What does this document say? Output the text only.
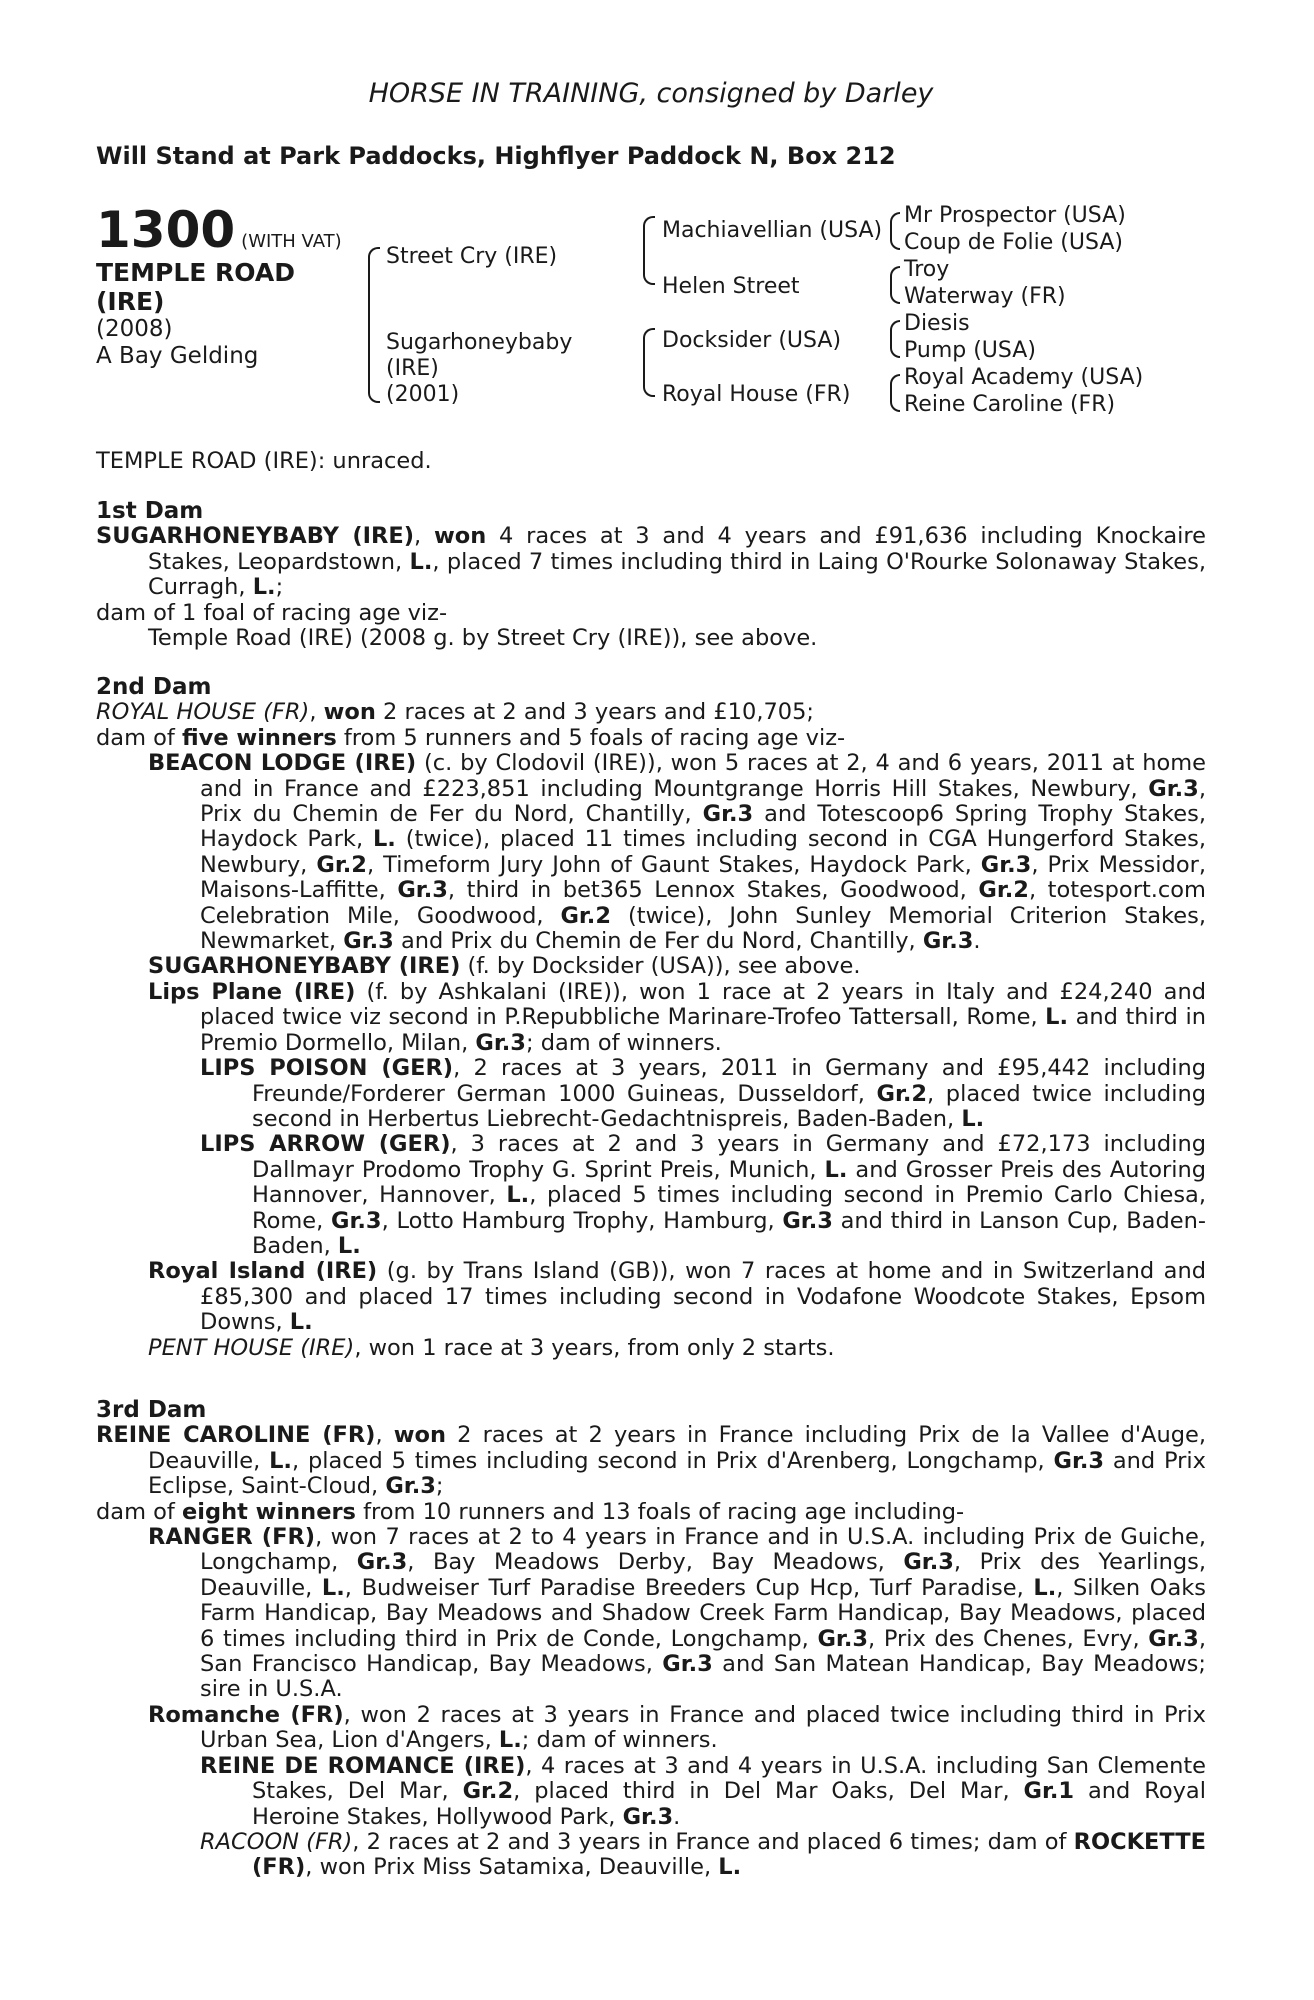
HORSE IN TRAINING, consigned by Darley
Will Stand at Park Paddocks, Highflyer Paddock N, Box 212
1300 (WITH VAT)
TEMPLE ROAD
(IRE)
(2008)
A Bay Gelding
Street Cry (IRE)
Sugarhoneybaby
(IRE)
(2001)
Machiavellian (USA)
Helen Street
Docksider (USA)
Royal House (FR)
Mr Prospector (USA)
Coup de Folie (USA)
Troy
Waterway (FR)
Diesis
Pump (USA)
Royal Academy (USA)
Reine Caroline (FR)
TEMPLE ROAD (IRE): unraced.

1st Dam

SUGARHONEYBABY (IRE), won 4 races at 3 and 4 years and £91,636 including Knockaire Stakes, Leopardstown, L., placed 7 times including third in Laing O'Rourke Solonaway Stakes, Curragh, L.;

dam of 1 foal of racing age viz-

Temple Road (IRE) (2008 g. by Street Cry (IRE)), see above.

2nd Dam

ROYAL HOUSE (FR), won 2 races at 2 and 3 years and £10,705;

dam of five winners from 5 runners and 5 foals of racing age viz-

BEACON LODGE (IRE) (c. by Clodovil (IRE)), won 5 races at 2, 4 and 6 years, 2011 at home and in France and £223,851 including Mountgrange Horris Hill Stakes, Newbury, Gr.3, Prix du Chemin de Fer du Nord, Chantilly, Gr.3 and Totescoop6 Spring Trophy Stakes, Haydock Park, L. (twice), placed 11 times including second in CGA Hungerford Stakes, Newbury, Gr.2, Timeform Jury John of Gaunt Stakes, Haydock Park, Gr.3, Prix Messidor, Maisons-Laffitte, Gr.3, third in bet365 Lennox Stakes, Goodwood, Gr.2, totesport.com Celebration Mile, Goodwood, Gr.2 (twice), John Sunley Memorial Criterion Stakes, Newmarket, Gr.3 and Prix du Chemin de Fer du Nord, Chantilly, Gr.3.

SUGARHONEYBABY (IRE) (f. by Docksider (USA)), see above.

Lips Plane (IRE) (f. by Ashkalani (IRE)), won 1 race at 2 years in Italy and £24,240 and placed twice viz second in P.Repubbliche Marinare-Trofeo Tattersall, Rome, L. and third in Premio Dormello, Milan, Gr.3; dam of winners.

LIPS POISON (GER), 2 races at 3 years, 2011 in Germany and £95,442 including Freunde/Forderer German 1000 Guineas, Dusseldorf, Gr.2, placed twice including second in Herbertus Liebrecht-Gedachtnispreis, Baden-Baden, L.

LIPS ARROW (GER), 3 races at 2 and 3 years in Germany and £72,173 including Dallmayr Prodomo Trophy G. Sprint Preis, Munich, L. and Grosser Preis des Autoring Hannover, Hannover, L., placed 5 times including second in Premio Carlo Chiesa, Rome, Gr.3, Lotto Hamburg Trophy, Hamburg, Gr.3 and third in Lanson Cup, Baden-Baden, L.

Royal Island (IRE) (g. by Trans Island (GB)), won 7 races at home and in Switzerland and £85,300 and placed 17 times including second in Vodafone Woodcote Stakes, Epsom Downs, L.

PENT HOUSE (IRE), won 1 race at 3 years, from only 2 starts.

3rd Dam

REINE CAROLINE (FR), won 2 races at 2 years in France including Prix de la Vallee d'Auge, Deauville, L., placed 5 times including second in Prix d'Arenberg, Longchamp, Gr.3 and Prix Eclipse, Saint-Cloud, Gr.3;

dam of eight winners from 10 runners and 13 foals of racing age including-

RANGER (FR), won 7 races at 2 to 4 years in France and in U.S.A. including Prix de Guiche, Longchamp, Gr.3, Bay Meadows Derby, Bay Meadows, Gr.3, Prix des Yearlings, Deauville, L., Budweiser Turf Paradise Breeders Cup Hcp, Turf Paradise, L., Silken Oaks Farm Handicap, Bay Meadows and Shadow Creek Farm Handicap, Bay Meadows, placed 6 times including third in Prix de Conde, Longchamp, Gr.3, Prix des Chenes, Evry, Gr.3, San Francisco Handicap, Bay Meadows, Gr.3 and San Matean Handicap, Bay Meadows; sire in U.S.A.

Romanche (FR), won 2 races at 3 years in France and placed twice including third in Prix Urban Sea, Lion d'Angers, L.; dam of winners.

REINE DE ROMANCE (IRE), 4 races at 3 and 4 years in U.S.A. including San Clemente Stakes, Del Mar, Gr.2, placed third in Del Mar Oaks, Del Mar, Gr.1 and Royal Heroine Stakes, Hollywood Park, Gr.3.

RACOON (FR), 2 races at 2 and 3 years in France and placed 6 times; dam of ROCKETTE (FR), won Prix Miss Satamixa, Deauville, L.
